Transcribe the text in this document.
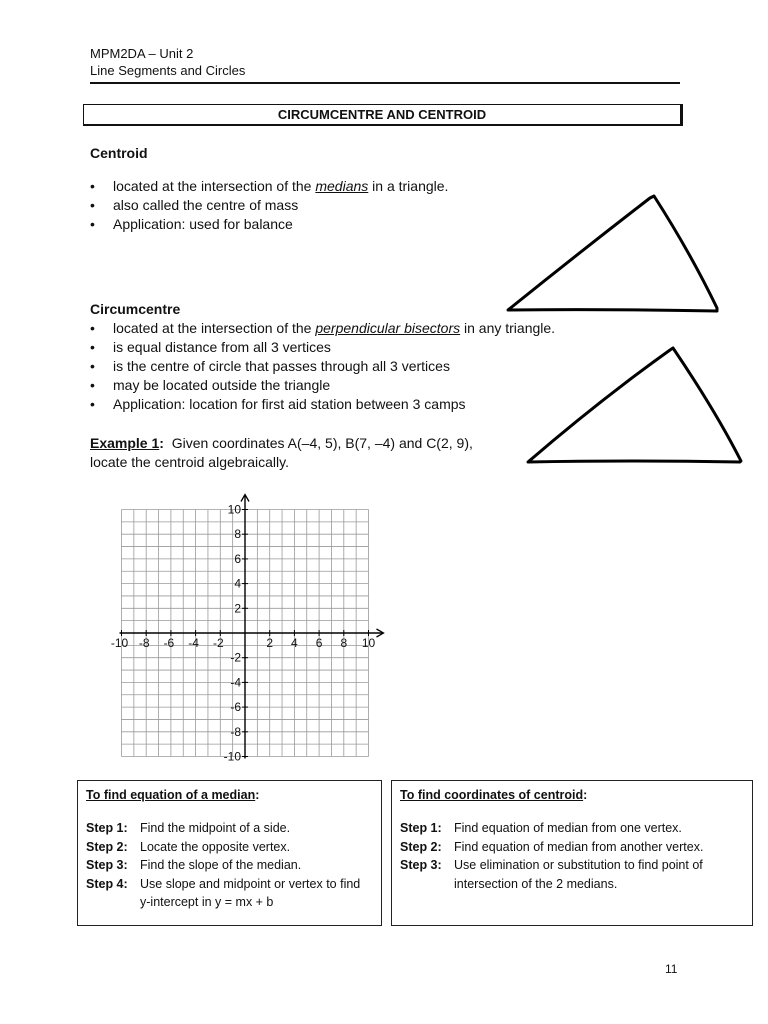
MPM2DA – Unit 2
Line Segments and Circles
CIRCUMCENTRE AND CENTROID
Centroid
• located at the intersection of the medians in a triangle.
• also called the centre of mass
• Application: used for balance
Circumcentre
• located at the intersection of the perpendicular bisectors in any triangle.
• is equal distance from all 3 vertices
• is the centre of circle that passes through all 3 vertices
• may be located outside the triangle
• Application: location for first aid station between 3 camps
Example 1:  Given coordinates A(–4, 5), B(7, –4) and C(2, 9),
locate the centroid algebraically.
-10 -8 -6 -4 -2	2 4 6 8 10
10
8
6
4
2
-2
-4
-6
-8
-10
To find equation of a median:
Step 1: Find the midpoint of a side.
Step 2: Locate the opposite vertex.
Step 3: Find the slope of the median.
Step 4: Use slope and midpoint or vertex to find y-intercept in y = mx + b
To find coordinates of centroid:
Step 1: Find equation of median from one vertex.
Step 2: Find equation of median from another vertex.
Step 3: Use elimination or substitution to find point of intersection of the 2 medians.
11
